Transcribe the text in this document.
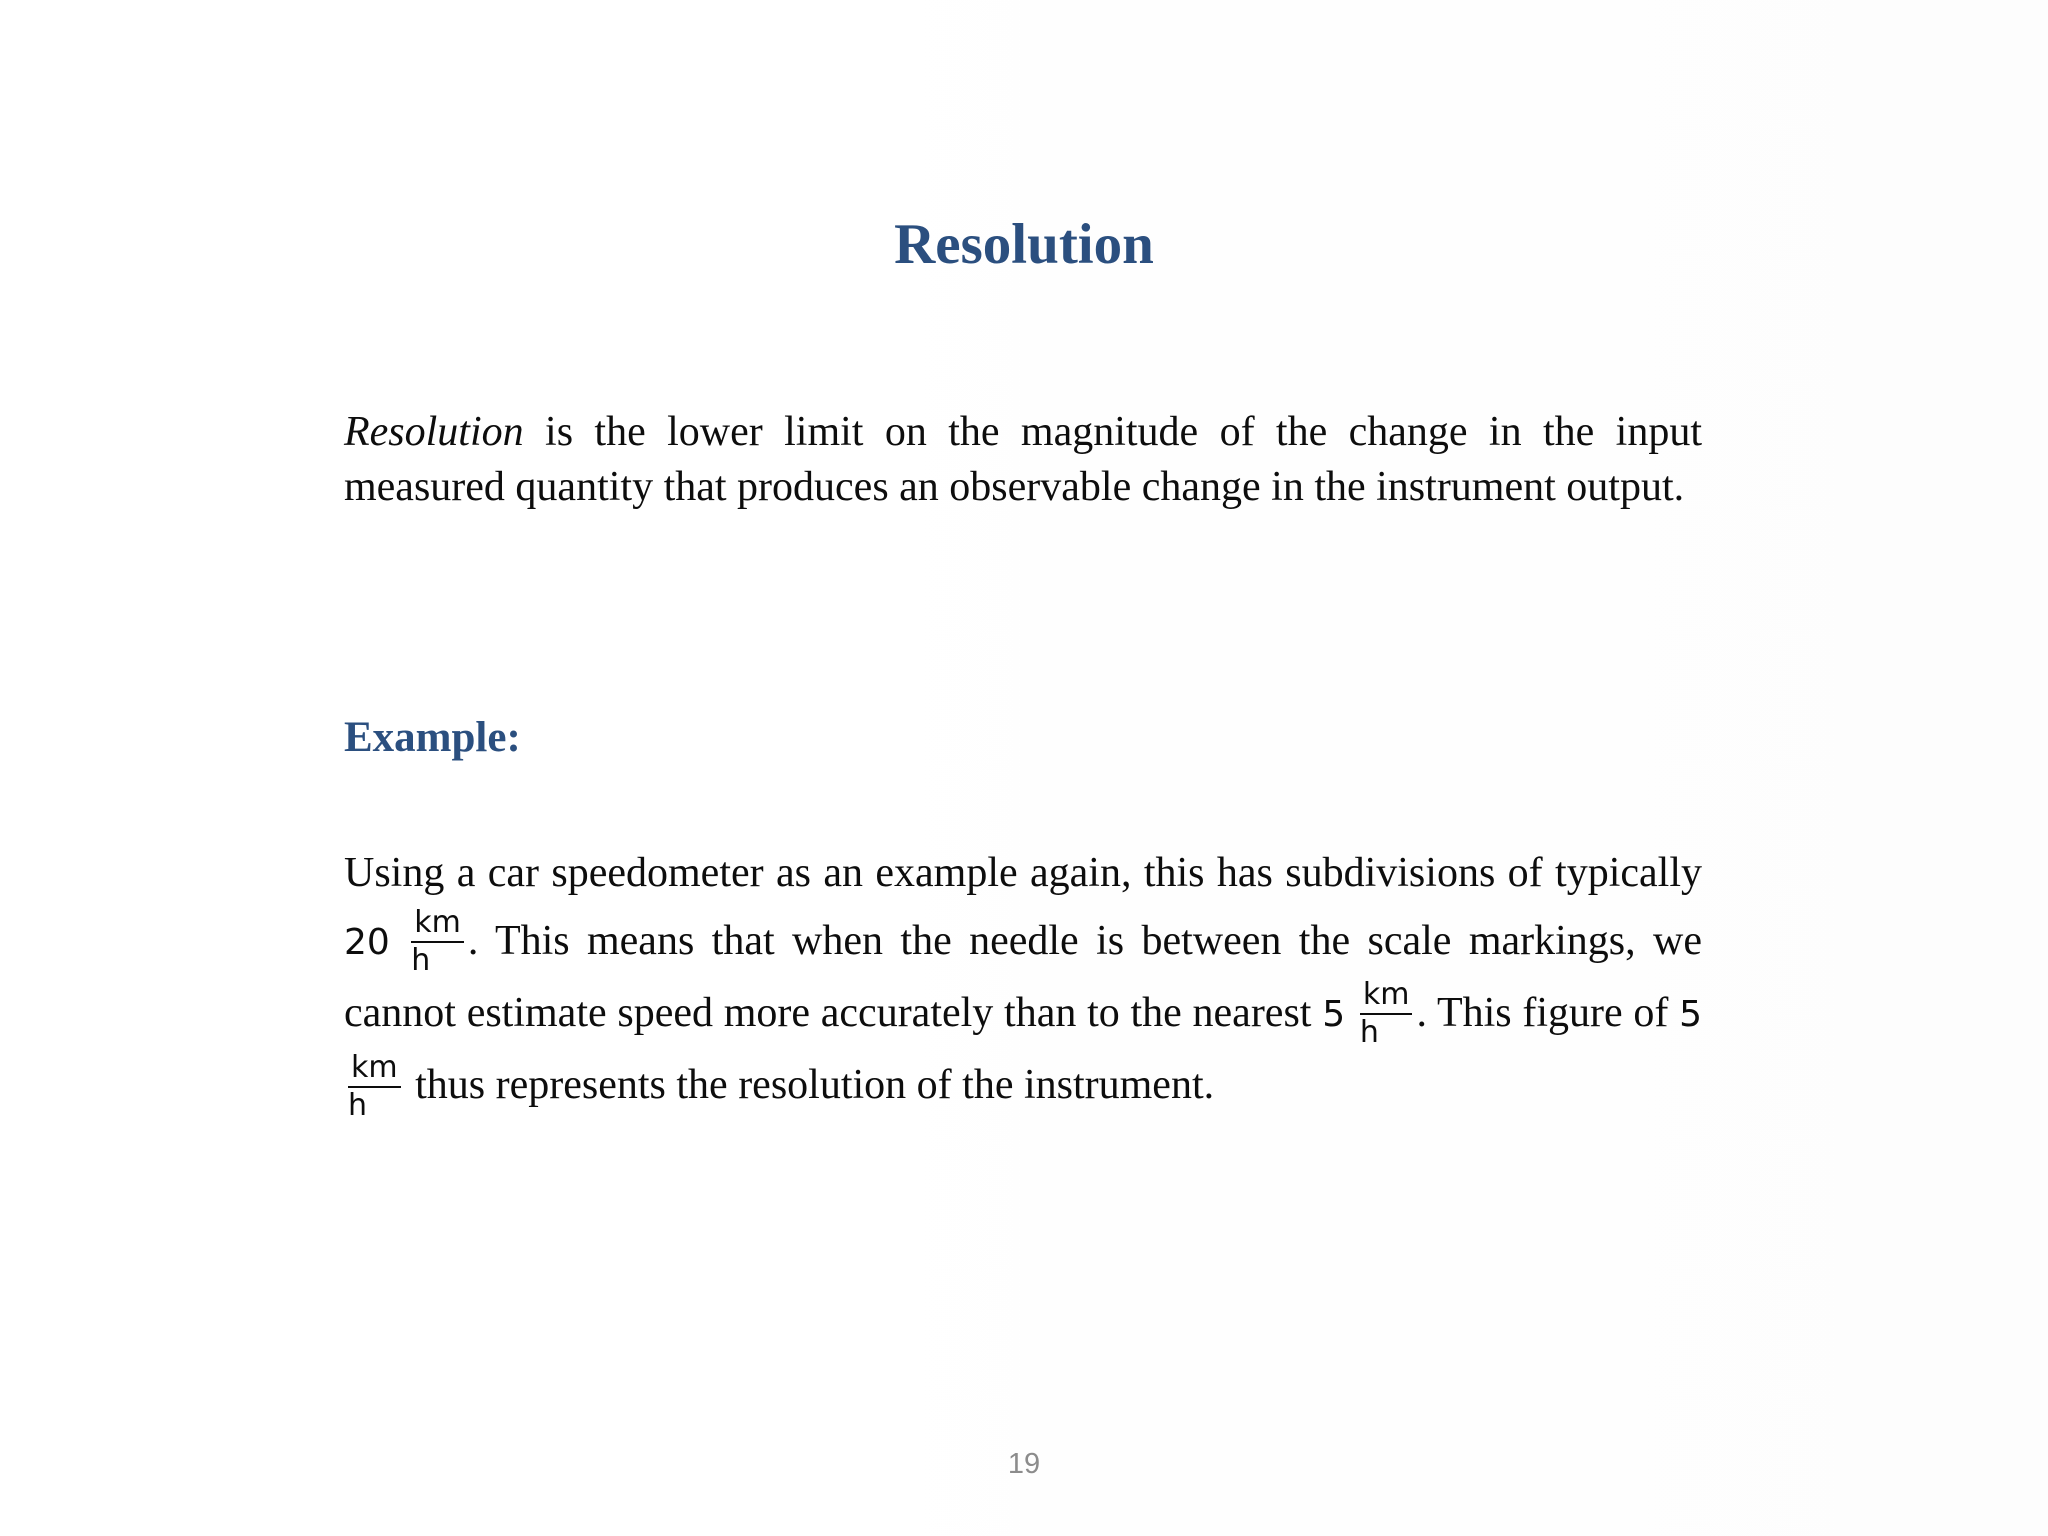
Resolution
Resolution is the lower limit on the magnitude of the change in the input measured quantity that produces an observable change in the instrument output.
Example:
Using a car speedometer as an example again, this has subdivisions of typically $20 \frac{km}{h}$ . This means that when the needle is between the scale markings, we cannot estimate speed more accurately than to the nearest $5 \frac{km}{h}$ . This figure of 5
$\frac{km}{h}$ thus represents the resolution of the instrument.
19
